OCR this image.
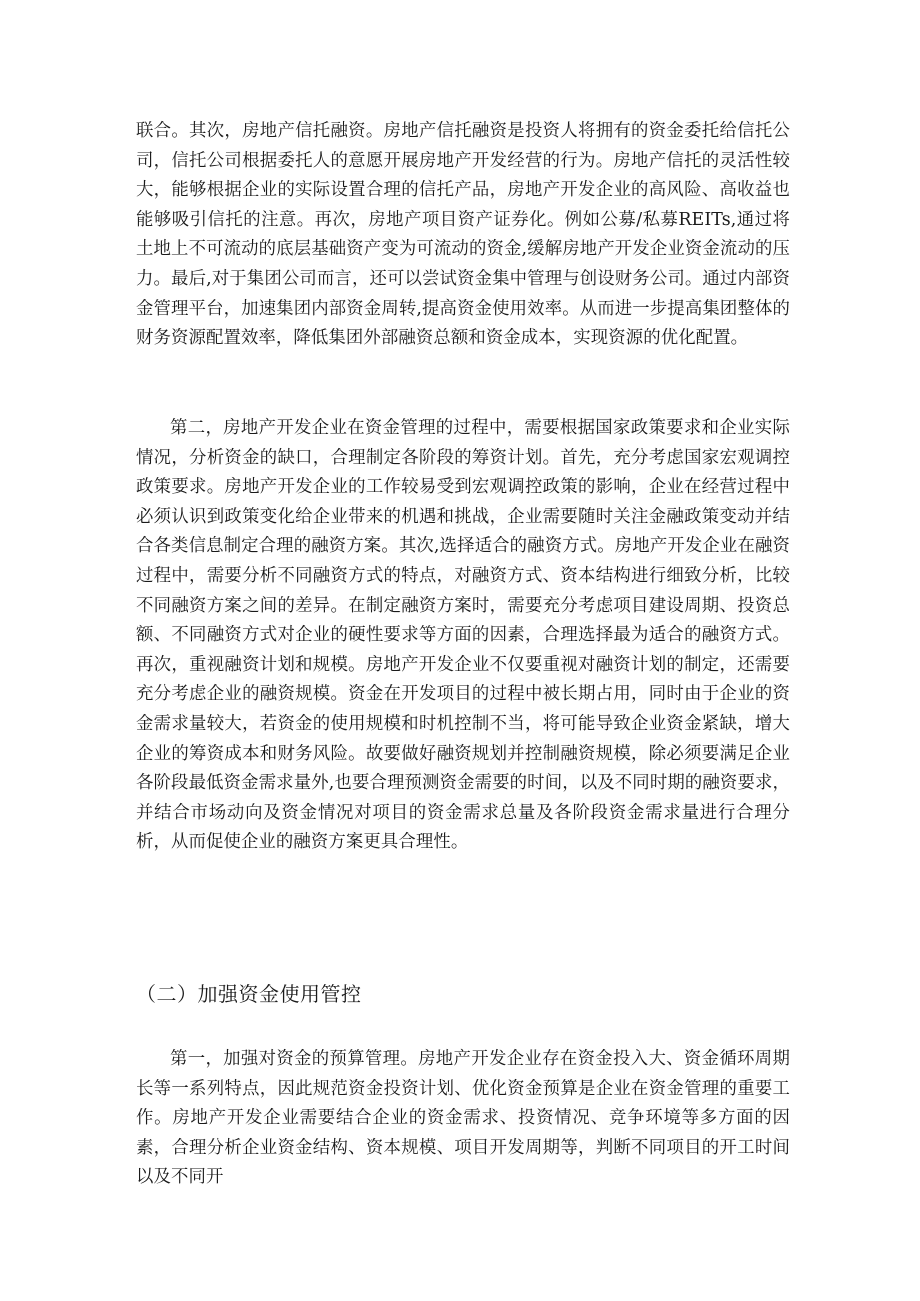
联合。其次，房地产信托融资。房地产信托融资是投资人将拥有的资金委托给信托公司，信托公司根据委托人的意愿开展房地产开发经营的行为。房地产信托的灵活性较大，能够根据企业的实际设置合理的信托产品，房地产开发企业的高风险、高收益也能够吸引信托的注意。再次，房地产项目资产证券化。例如公募/私募REITs,通过将土地上不可流动的底层基础资产变为可流动的资金,缓解房地产开发企业资金流动的压力。最后,对于集团公司而言，还可以尝试资金集中管理与创设财务公司。通过内部资金管理平台，加速集团内部资金周转,提高资金使用效率。从而进一步提高集团整体的财务资源配置效率，降低集团外部融资总额和资金成本，实现资源的优化配置。

第二，房地产开发企业在资金管理的过程中，需要根据国家政策要求和企业实际情况，分析资金的缺口，合理制定各阶段的筹资计划。首先，充分考虑国家宏观调控政策要求。房地产开发企业的工作较易受到宏观调控政策的影响，企业在经营过程中必须认识到政策变化给企业带来的机遇和挑战，企业需要随时关注金融政策变动并结合各类信息制定合理的融资方案。其次,选择适合的融资方式。房地产开发企业在融资过程中，需要分析不同融资方式的特点，对融资方式、资本结构进行细致分析，比较不同融资方案之间的差异。在制定融资方案时，需要充分考虑项目建设周期、投资总额、不同融资方式对企业的硬性要求等方面的因素，合理选择最为适合的融资方式。再次，重视融资计划和规模。房地产开发企业不仅要重视对融资计划的制定，还需要充分考虑企业的融资规模。资金在开发项目的过程中被长期占用，同时由于企业的资金需求量较大，若资金的使用规模和时机控制不当，将可能导致企业资金紧缺，增大企业的筹资成本和财务风险。故要做好融资规划并控制融资规模，除必须要满足企业各阶段最低资金需求量外,也要合理预测资金需要的时间，以及不同时期的融资要求，并结合市场动向及资金情况对项目的资金需求总量及各阶段资金需求量进行合理分析，从而促使企业的融资方案更具合理性。

（二）加强资金使用管控

第一，加强对资金的预算管理。房地产开发企业存在资金投入大、资金循环周期长等一系列特点，因此规范资金投资计划、优化资金预算是企业在资金管理的重要工作。房地产开发企业需要结合企业的资金需求、投资情况、竞争环境等多方面的因素，合理分析企业资金结构、资本规模、项目开发周期等，判断不同项目的开工时间以及不同开
